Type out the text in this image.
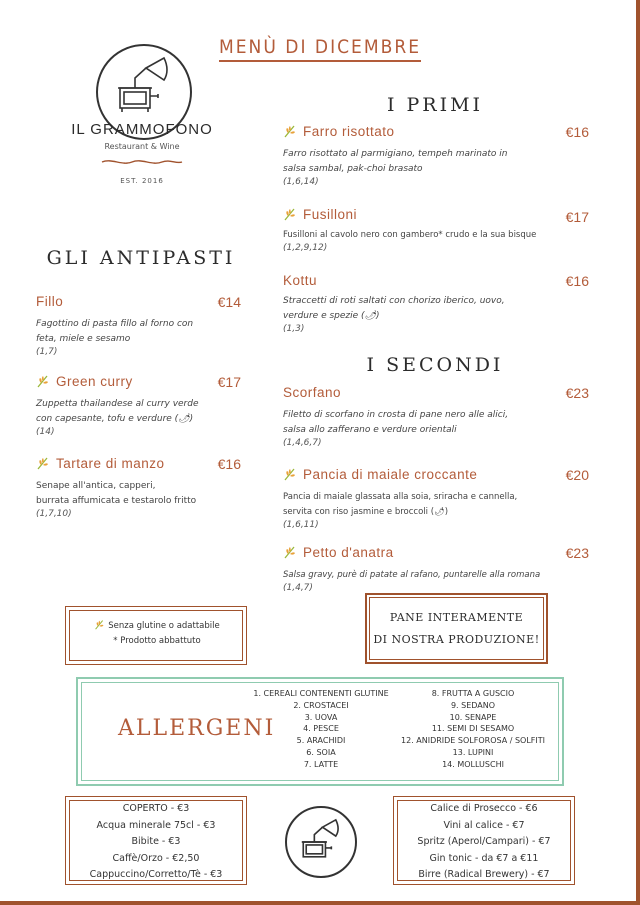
MENÙ DI DICEMBRE
IL GRAMMOFONO
Restaurant & Wine
EST. 2016
GLI ANTIPASTI
Fillo	€14
Fagottino di pasta fillo al forno con
feta, miele e sesamo
(1,7)
Green curry	€17
Zuppetta thailandese al curry verde
con capesante, tofu e verdure (🌶)
(14)
Tartare di manzo	€16
Senape all'antica, capperi,
burrata affumicata e testarolo fritto
(1,7,10)
I PRIMI
Farro risottato	€16
Farro risottato al parmigiano, tempeh marinato in
salsa sambal, pak-choi brasato
(1,6,14)
Fusilloni	€17
Fusilloni al cavolo nero con gambero* crudo e la sua bisque
(1,2,9,12)
Kottu	€16
Straccetti di roti saltati con chorizo iberico, uovo,
verdure e spezie (🌶)
(1,3)
I SECONDI
Scorfano	€23
Filetto di scorfano in crosta di pane nero alle alici,
salsa allo zafferano e verdure orientali
(1,4,6,7)
Pancia di maiale croccante	€20
Pancia di maiale glassata alla soia, sriracha e cannella,
servita con riso jasmine e broccoli (🌶)
(1,6,11)
Petto d'anatra	€23
Salsa gravy, purè di patate al rafano, puntarelle alla romana
(1,4,7)
Senza glutine o adattabile
* Prodotto abbattuto
PANE INTERAMENTE
DI NOSTRA PRODUZIONE!
ALLERGENI
1. CEREALI CONTENENTI GLUTINE
2. CROSTACEI
3. UOVA
4. PESCE
5. ARACHIDI
6. SOIA
7. LATTE
8. FRUTTA A GUSCIO
9. SEDANO
10. SENAPE
11. SEMI DI SESAMO
12. ANIDRIDE SOLFOROSA / SOLFITI
13. LUPINI
14. MOLLUSCHI
COPERTO - €3
Acqua minerale 75cl - €3
Bibite - €3
Caffè/Orzo - €2,50
Cappuccino/Corretto/Tè - €3
Calice di Prosecco - €6
Vini al calice - €7
Spritz (Aperol/Campari) - €7
Gin tonic - da €7 a €11
Birre (Radical Brewery) - €7
